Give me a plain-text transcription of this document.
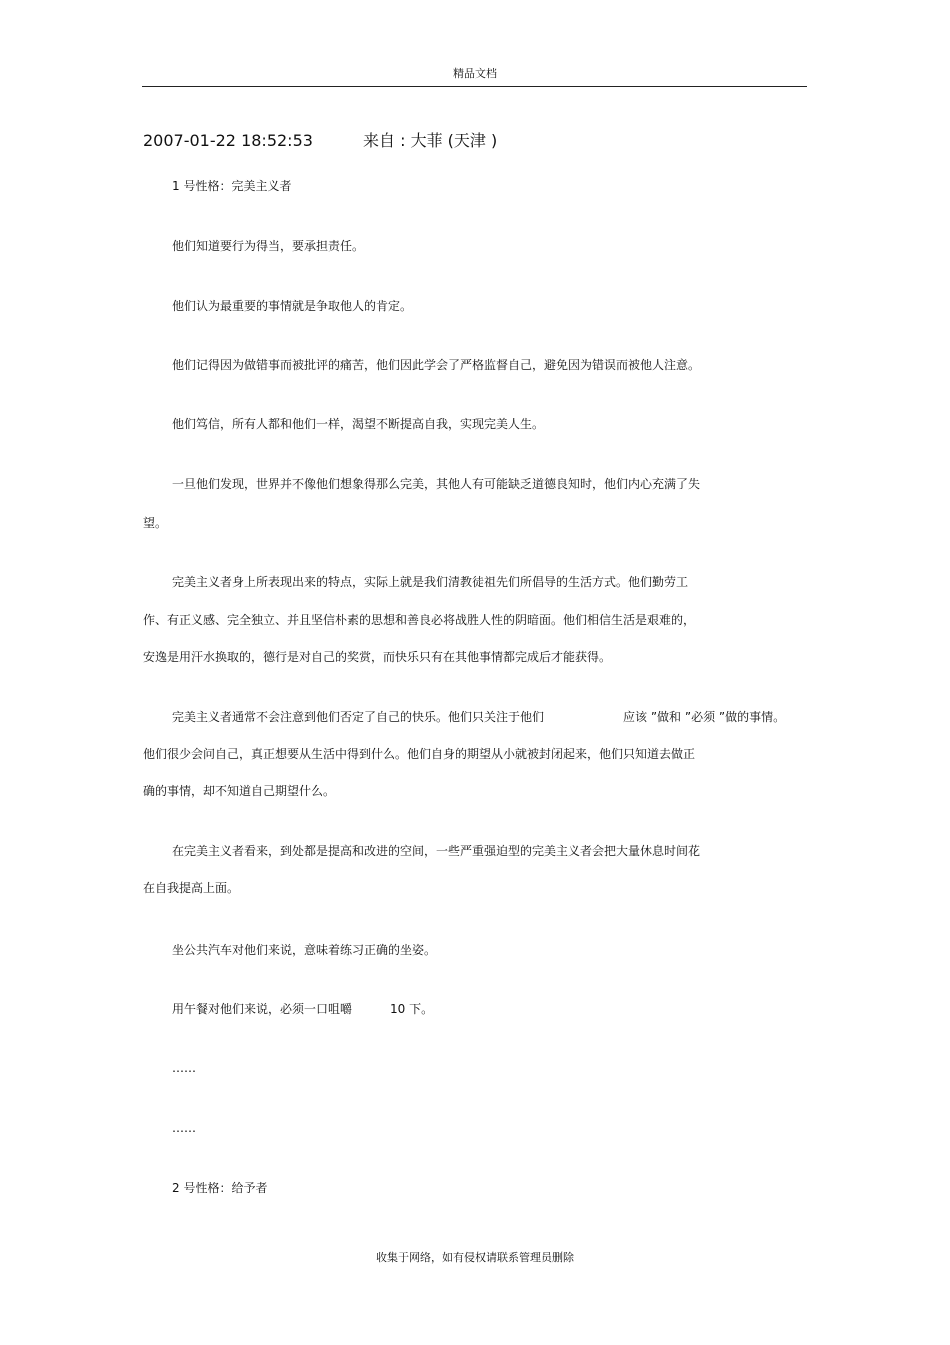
精品文档
2007-01-22 18:52:53	来自 : 大菲 (天津 )
1 号性格：完美主义者
他们知道要行为得当，要承担责任。
他们认为最重要的事情就是争取他人的肯定。
他们记得因为做错事而被批评的痛苦，他们因此学会了严格监督自己，避免因为错误而被他人注意。
他们笃信，所有人都和他们一样，渴望不断提高自我，实现完美人生。
一旦他们发现，世界并不像他们想象得那么完美，其他人有可能缺乏道德良知时，他们内心充满了失
望。
完美主义者身上所表现出来的特点，实际上就是我们清教徒祖先们所倡导的生活方式。他们勤劳工
作、有正义感、完全独立、并且坚信朴素的思想和善良必将战胜人性的阴暗面。他们相信生活是艰难的，
安逸是用汗水换取的，德行是对自己的奖赏，而快乐只有在其他事情都完成后才能获得。
完美主义者通常不会注意到他们否定了自己的快乐。他们只关注于他们	应该 ”做和 ”必须 ”做的事情。
他们很少会问自己，真正想要从生活中得到什么。他们自身的期望从小就被封闭起来，他们只知道去做正
确的事情，却不知道自己期望什么。
在完美主义者看来，到处都是提高和改进的空间，一些严重强迫型的完美主义者会把大量休息时间花
在自我提高上面。
坐公共汽车对他们来说，意味着练习正确的坐姿。
用午餐对他们来说，必须一口咀嚼	10 下。
……
……
2 号性格：给予者
收集于网络，如有侵权请联系管理员删除
